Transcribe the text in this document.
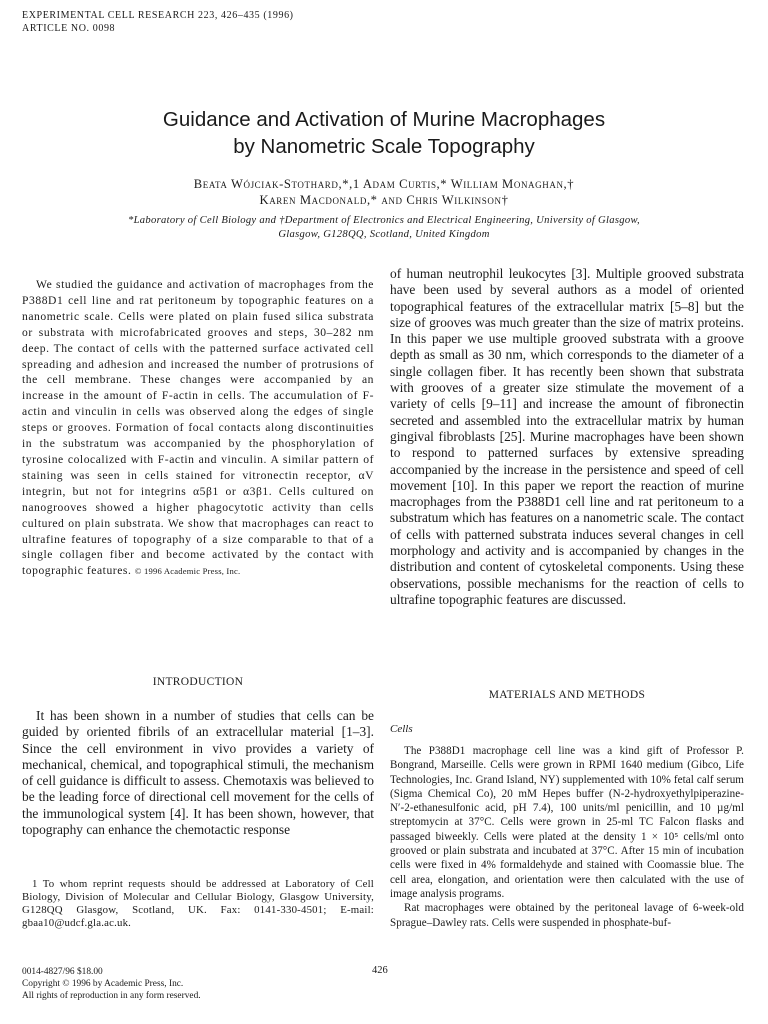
EXPERIMENTAL CELL RESEARCH 223, 426–435 (1996)
ARTICLE NO. 0098
Guidance and Activation of Murine Macrophages
by Nanometric Scale Topography
Beata Wójciak-Stothard,*,1 Adam Curtis,* William Monaghan,†
Karen Macdonald,* and Chris Wilkinson†
*Laboratory of Cell Biology and †Department of Electronics and Electrical Engineering, University of Glasgow,
Glasgow, G128QQ, Scotland, United Kingdom

We studied the guidance and activation of macrophages from the P388D1 cell line and rat peritoneum by topographic features on a nanometric scale. Cells were plated on plain fused silica substrata or substrata with microfabricated grooves and steps, 30–282 nm deep. The contact of cells with the patterned surface activated cell spreading and adhesion and increased the number of protrusions of the cell membrane. These changes were accompanied by an increase in the amount of F-actin in cells. The accumulation of F-actin and vinculin in cells was observed along the edges of single steps or grooves. Formation of focal contacts along discontinuities in the substratum was accompanied by the phosphorylation of tyrosine colocalized with F-actin and vinculin. A similar pattern of staining was seen in cells stained for vitronectin receptor, αV integrin, but not for integrins α5β1 or α3β1. Cells cultured on nanogrooves showed a higher phagocytotic activity than cells cultured on plain substrata. We show that macrophages can react to ultrafine features of topography of a size comparable to that of a single collagen fiber and become activated by the contact with topographic features. © 1996 Academic Press, Inc.

INTRODUCTION

It has been shown in a number of studies that cells can be guided by oriented fibrils of an extracellular material [1–3]. Since the cell environment in vivo provides a variety of mechanical, chemical, and topographical stimuli, the mechanism of cell guidance is difficult to assess. Chemotaxis was believed to be the leading force of directional cell movement for the cells of the immunological system [4]. It has been shown, however, that topography can enhance the chemotactic response

1 To whom reprint requests should be addressed at Laboratory of Cell Biology, Division of Molecular and Cellular Biology, Glasgow University, G128QQ Glasgow, Scotland, UK. Fax: 0141-330-4501; E-mail: gbaa10@udcf.gla.ac.uk.

of human neutrophil leukocytes [3]. Multiple grooved substrata have been used by several authors as a model of oriented topographical features of the extracellular matrix [5–8] but the size of grooves was much greater than the size of matrix proteins. In this paper we use multiple grooved substrata with a groove depth as small as 30 nm, which corresponds to the diameter of a single collagen fiber. It has recently been shown that substrata with grooves of a greater size stimulate the movement of a variety of cells [9–11] and increase the amount of fibronectin secreted and assembled into the extracellular matrix by human gingival fibroblasts [25]. Murine macrophages have been shown to respond to patterned surfaces by extensive spreading accompanied by the increase in the persistence and speed of cell movement [10]. In this paper we report the reaction of murine macrophages from the P388D1 cell line and rat peritoneum to a substratum which has features on a nanometric scale. The contact of cells with patterned substrata induces several changes in cell morphology and activity and is accompanied by changes in the distribution and content of cytoskeletal components. Using these observations, possible mechanisms for the reaction of cells to ultrafine topographic features are discussed.

MATERIALS AND METHODS
Cells

The P388D1 macrophage cell line was a kind gift of Professor P. Bongrand, Marseille. Cells were grown in RPMI 1640 medium (Gibco, Life Technologies, Inc. Grand Island, NY) supplemented with 10% fetal calf serum (Sigma Chemical Co), 20 mM Hepes buffer (N-2-hydroxyethylpiperazine-N′-2-ethanesulfonic acid, pH 7.4), 100 units/ml penicillin, and 10 µg/ml streptomycin at 37°C. Cells were grown in 25-ml TC Falcon flasks and passaged biweekly. Cells were plated at the density 1 × 10⁵ cells/ml onto grooved or plain substrata and incubated at 37°C. After 15 min of incubation cells were fixed in 4% formaldehyde and stained with Coomassie blue. The cell area, elongation, and orientation were then calculated with the use of image analysis programs.

Rat macrophages were obtained by the peritoneal lavage of 6-week-old Sprague–Dawley rats. Cells were suspended in phosphate-buf-

426
0014-4827/96 $18.00
Copyright © 1996 by Academic Press, Inc.
All rights of reproduction in any form reserved.
